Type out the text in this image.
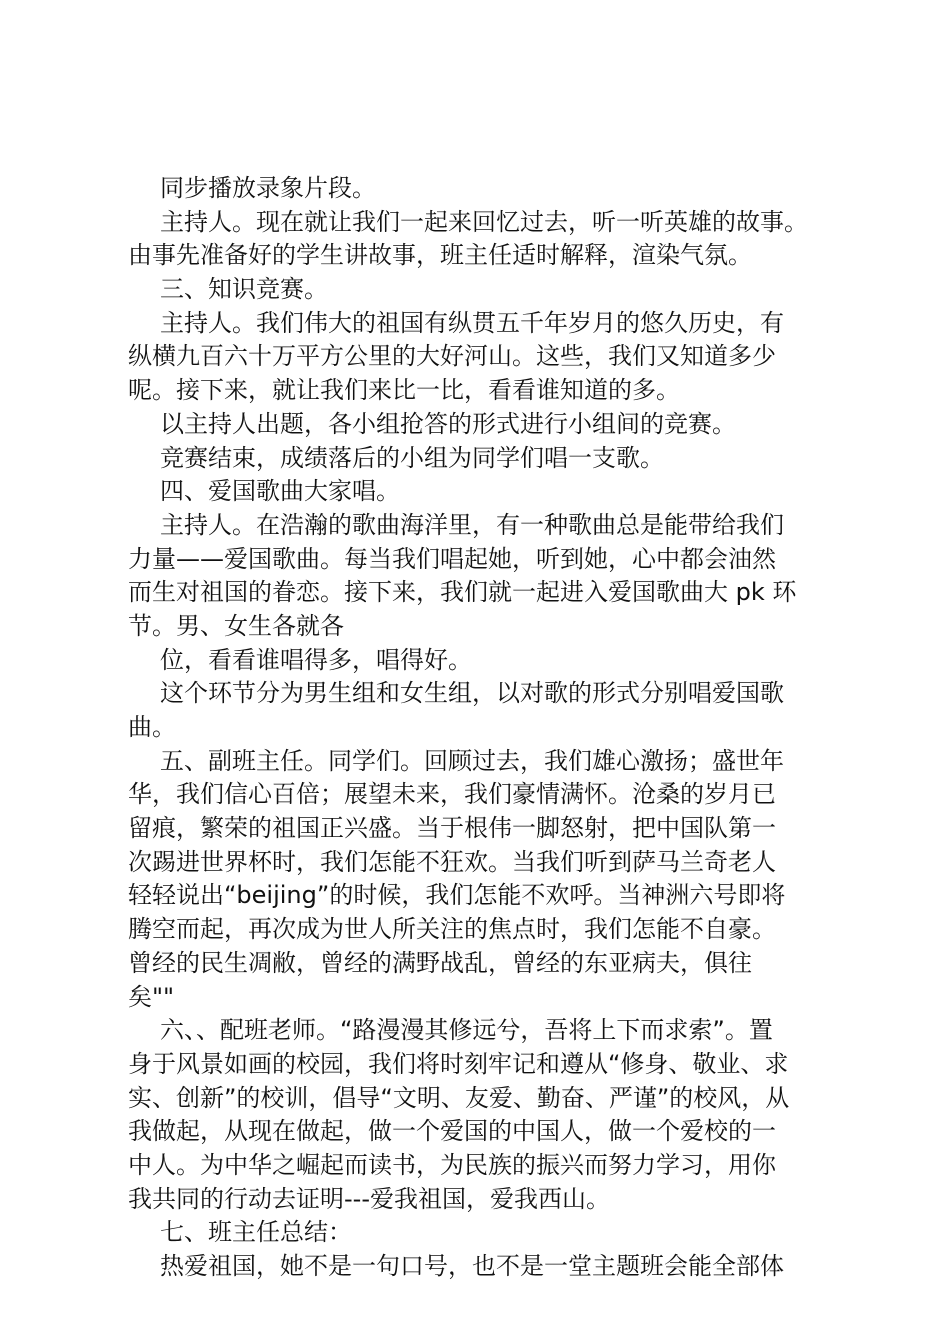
同步播放录象片段。
主持人。现在就让我们一起来回忆过去，听一听英雄的故事。
由事先准备好的学生讲故事，班主任适时解释，渲染气氛。
三、知识竞赛。
主持人。我们伟大的祖国有纵贯五千年岁月的悠久历史，有
纵横九百六十万平方公里的大好河山。这些，我们又知道多少
呢。接下来，就让我们来比一比，看看谁知道的多。
以主持人出题，各小组抢答的形式进行小组间的竞赛。
竞赛结束，成绩落后的小组为同学们唱一支歌。
四、爱国歌曲大家唱。
主持人。在浩瀚的歌曲海洋里，有一种歌曲总是能带给我们
力量——爱国歌曲。每当我们唱起她，听到她，心中都会油然
而生对祖国的眷恋。接下来，我们就一起进入爱国歌曲大 pk 环
节。男、女生各就各
位，看看谁唱得多，唱得好。
这个环节分为男生组和女生组，以对歌的形式分别唱爱国歌
曲。
五、副班主任。同学们。回顾过去，我们雄心激扬；盛世年
华，我们信心百倍；展望未来，我们豪情满怀。沧桑的岁月已
留痕，繁荣的祖国正兴盛。当于根伟一脚怒射，把中国队第一
次踢进世界杯时，我们怎能不狂欢。当我们听到萨马兰奇老人
轻轻说出“beijing”的时候，我们怎能不欢呼。当神洲六号即将
腾空而起，再次成为世人所关注的焦点时，我们怎能不自豪。
曾经的民生凋敝，曾经的满野战乱，曾经的东亚病夫，俱往
矣""
六、、配班老师。“路漫漫其修远兮，吾将上下而求索”。置
身于风景如画的校园，我们将时刻牢记和遵从“修身、敬业、求
实、创新”的校训，倡导“文明、友爱、勤奋、严谨”的校风，从
我做起，从现在做起，做一个爱国的中国人，做一个爱校的一
中人。为中华之崛起而读书，为民族的振兴而努力学习，用你
我共同的行动去证明---爱我祖国，爱我西山。
七、班主任总结：
热爱祖国，她不是一句口号，也不是一堂主题班会能全部体
